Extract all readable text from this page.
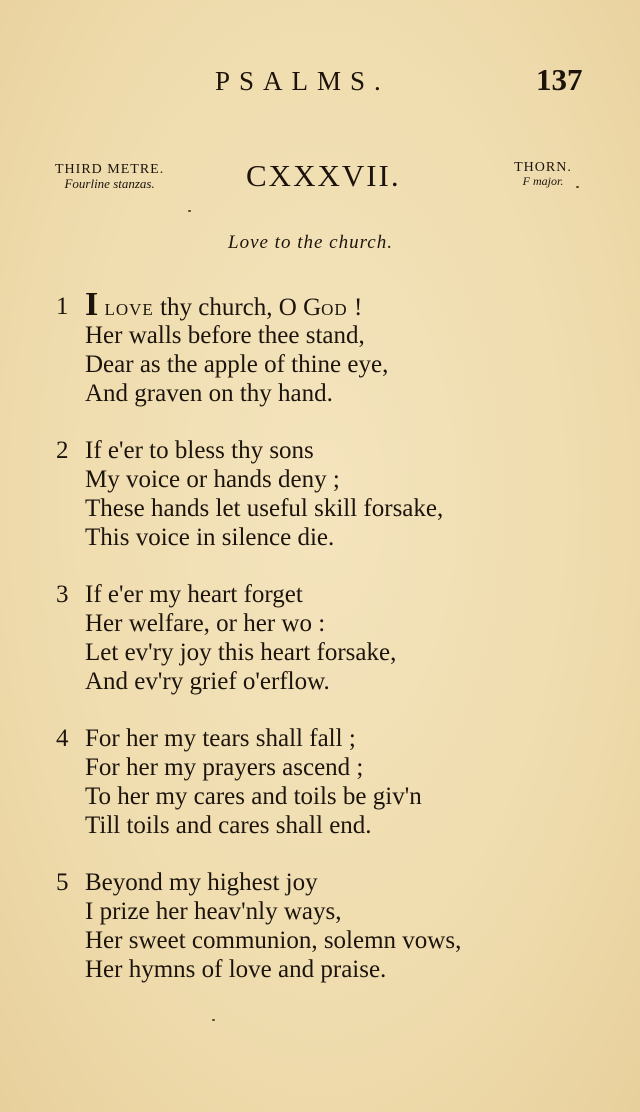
PSALMS.	137
THIRD METRE.
Fourline stanzas.	CXXXVII.	THORN.
F major.
Love to the church.
1 I LOVE thy church, O GOD !
Her walls before thee stand,
Dear as the apple of thine eye,
And graven on thy hand.
2 If e'er to bless thy sons
My voice or hands deny ;
These hands let useful skill forsake,
This voice in silence die.
3 If e'er my heart forget
Her welfare, or her wo :
Let ev'ry joy this heart forsake,
And ev'ry grief o'erflow.
4 For her my tears shall fall ;
For her my prayers ascend ;
To her my cares and toils be giv'n
Till toils and cares shall end.
5 Beyond my highest joy
I prize her heav'nly ways,
Her sweet communion, solemn vows,
Her hymns of love and praise.
